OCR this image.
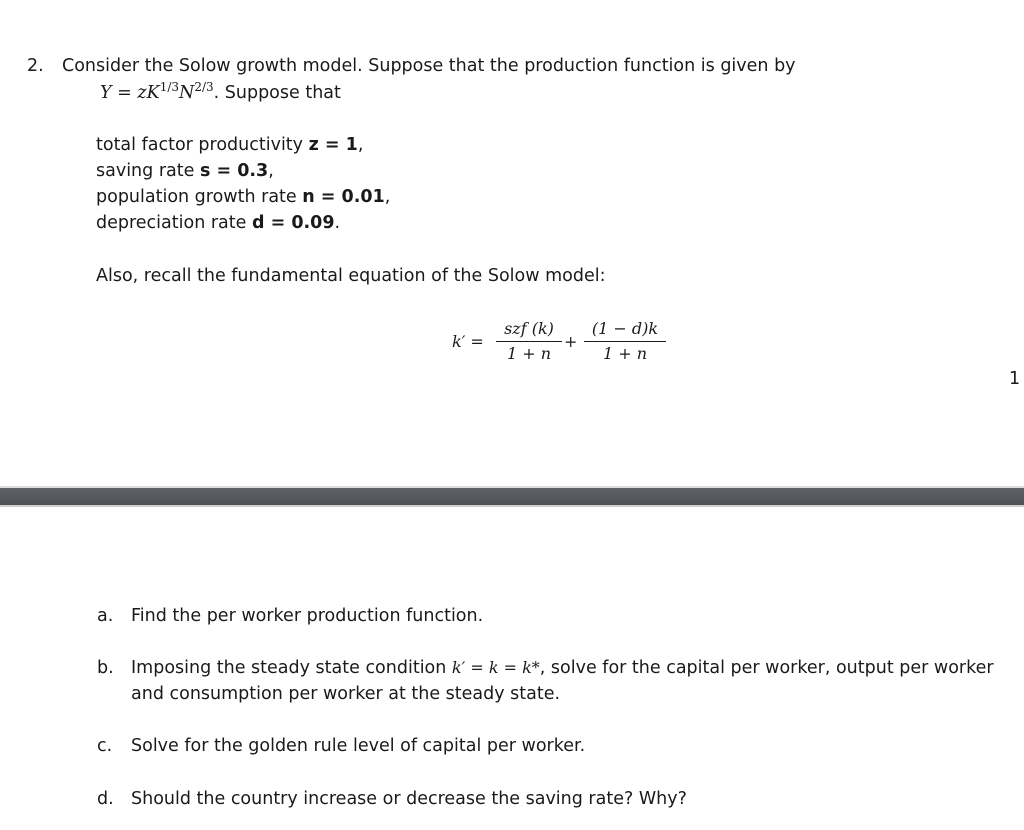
2. Consider the Solow growth model. Suppose that the production function is given by
$Y = zK^{1/3}N^{2/3}$. Suppose that
total factor productivity z = 1,
saving rate s = 0.3,
population growth rate n = 0.01,
depreciation rate d = 0.09.
Also, recall the fundamental equation of the Solow model:
k′ =
szf (k)
1 + n
+
(1 − d)k
1 + n
1
a. Find the per worker production function.
b. Imposing the steady state condition k′ = k = k*, solve for the capital per worker, output per worker
and consumption per worker at the steady state.
c. Solve for the golden rule level of capital per worker.
d. Should the country increase or decrease the saving rate? Why?
